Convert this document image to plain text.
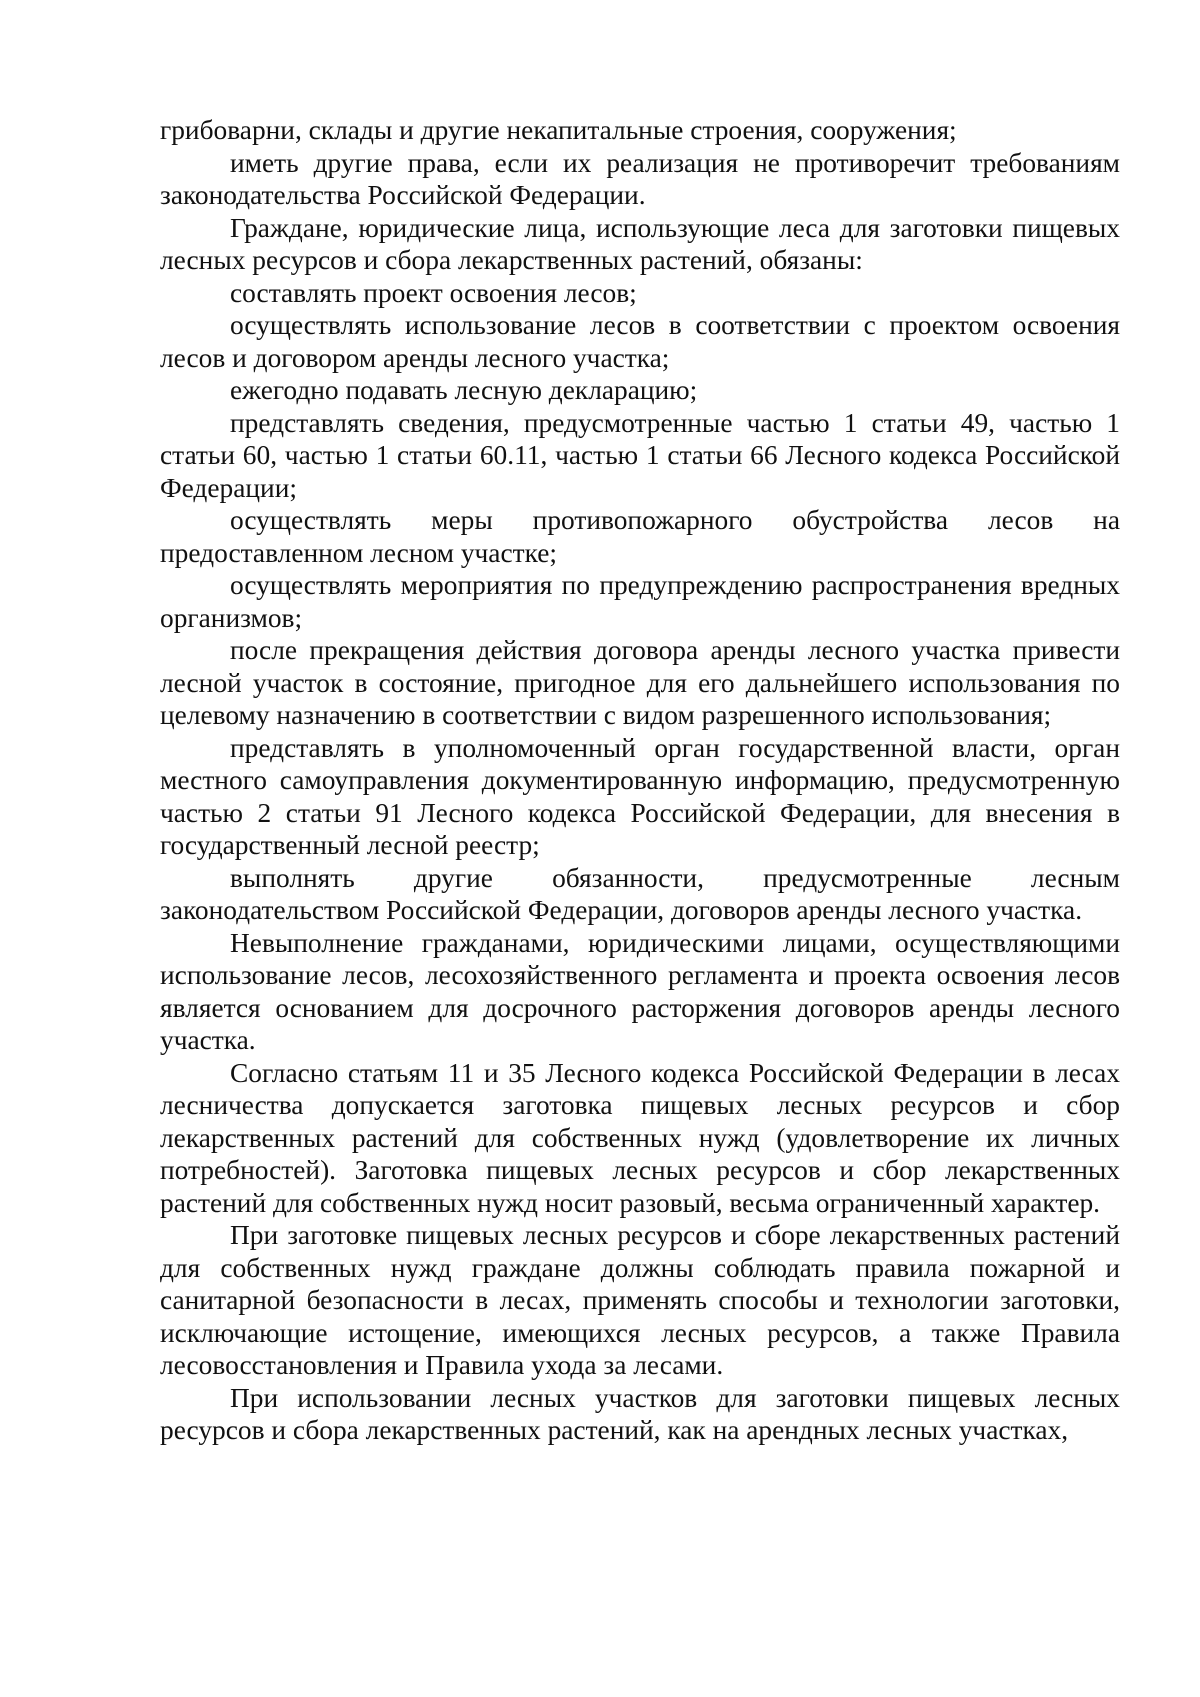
грибоварни, склады и другие некапитальные строения, сооружения;

иметь другие права, если их реализация не противоречит требованиям законодательства Российской Федерации.

Граждане, юридические лица, использующие леса для заготовки пищевых лесных ресурсов и сбора лекарственных растений, обязаны:

составлять проект освоения лесов;

осуществлять использование лесов в соответствии с проектом освоения лесов и договором аренды лесного участка;

ежегодно подавать лесную декларацию;

представлять сведения, предусмотренные частью 1 статьи 49, частью 1 статьи 60, частью 1 статьи 60.11, частью 1 статьи 66 Лесного кодекса Российской Федерации;

осуществлять меры противопожарного обустройства лесов на предоставленном лесном участке;

осуществлять мероприятия по предупреждению распространения вредных организмов;

после прекращения действия договора аренды лесного участка привести лесной участок в состояние, пригодное для его дальнейшего использования по целевому назначению в соответствии с видом разрешенного использования;

представлять в уполномоченный орган государственной власти, орган местного самоуправления документированную информацию, предусмотренную частью 2 статьи 91 Лесного кодекса Российской Федерации, для внесения в государственный лесной реестр;

выполнять другие обязанности, предусмотренные лесным законодательством Российской Федерации, договоров аренды лесного участка.

Невыполнение гражданами, юридическими лицами, осуществляющими использование лесов, лесохозяйственного регламента и проекта освоения лесов является основанием для досрочного расторжения договоров аренды лесного участка.

Согласно статьям 11 и 35 Лесного кодекса Российской Федерации в лесах лесничества допускается заготовка пищевых лесных ресурсов и сбор лекарственных растений для собственных нужд (удовлетворение их личных потребностей). Заготовка пищевых лесных ресурсов и сбор лекарственных растений для собственных нужд носит разовый, весьма ограниченный характер.

При заготовке пищевых лесных ресурсов и сборе лекарственных растений для собственных нужд граждане должны соблюдать правила пожарной и санитарной безопасности в лесах, применять способы и технологии заготовки, исключающие истощение, имеющихся лесных ресурсов, а также Правила лесовосстановления и Правила ухода за лесами.

При использовании лесных участков для заготовки пищевых лесных ресурсов и сбора лекарственных растений, как на арендных лесных участках,
